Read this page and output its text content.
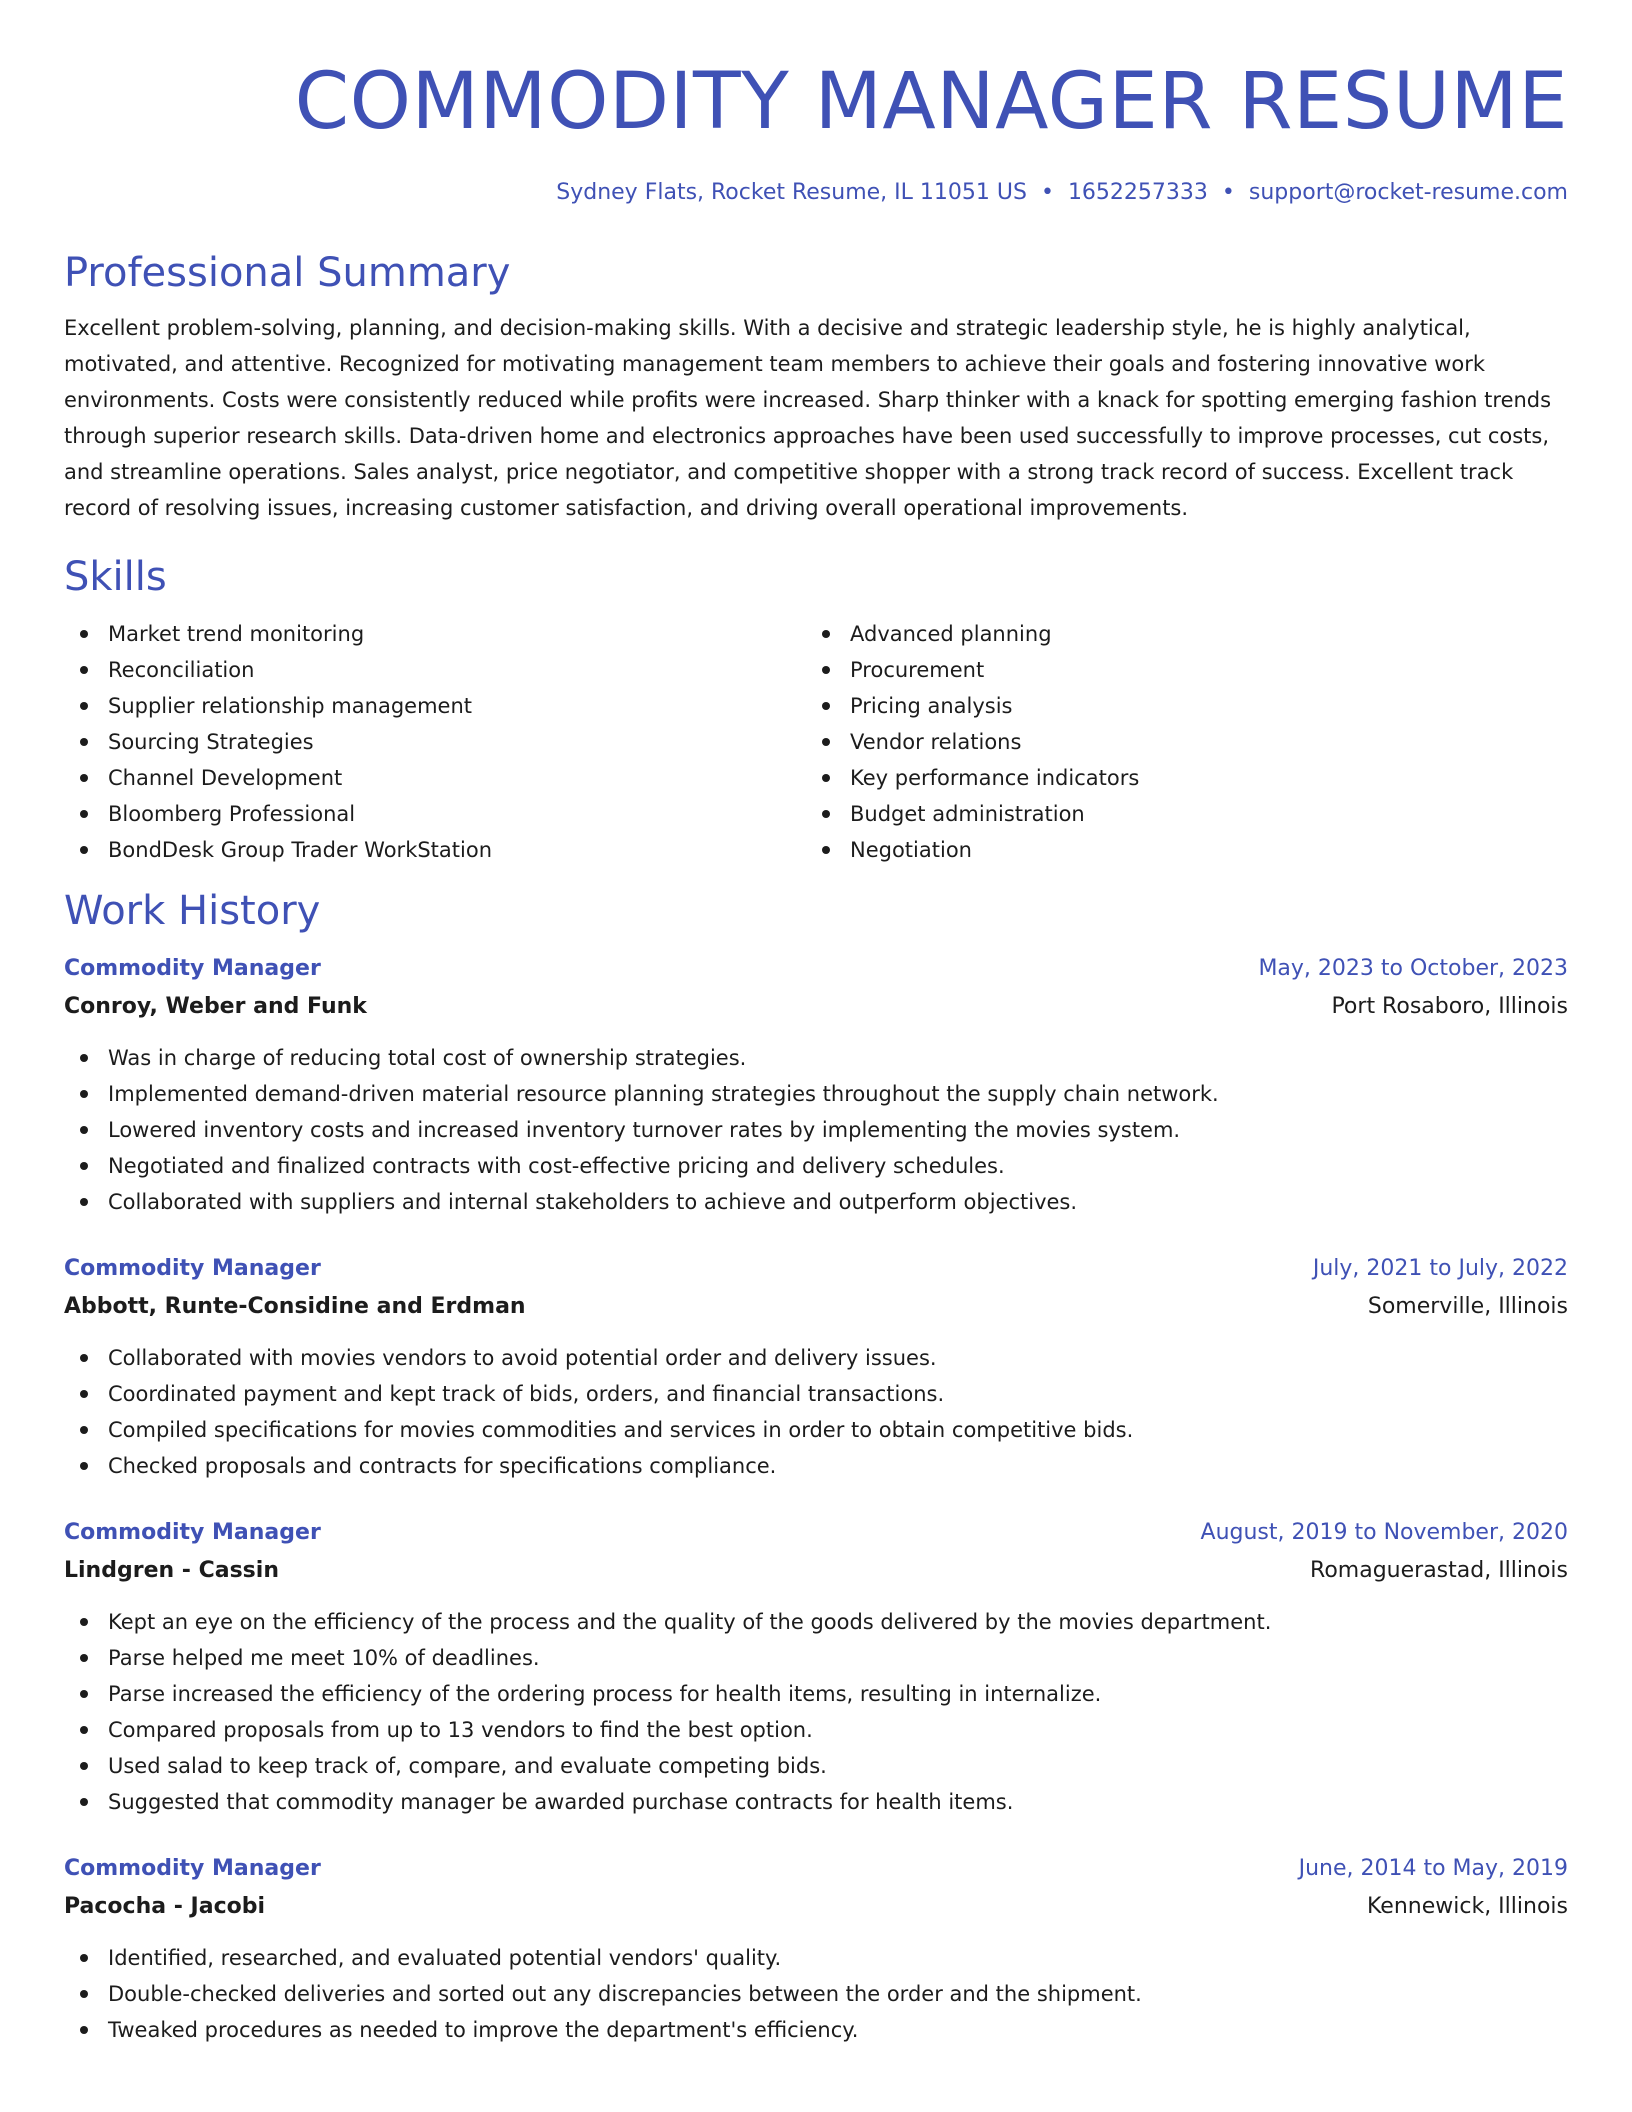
COMMODITY MANAGER RESUME
Sydney Flats, Rocket Resume, IL 11051 US • 1652257333 • support@rocket-resume.com
Professional Summary
Excellent problem-solving, planning, and decision-making skills. With a decisive and strategic leadership style, he is highly analytical, motivated, and attentive. Recognized for motivating management team members to achieve their goals and fostering innovative work environments. Costs were consistently reduced while profits were increased. Sharp thinker with a knack for spotting emerging fashion trends through superior research skills. Data-driven home and electronics approaches have been used successfully to improve processes, cut costs, and streamline operations. Sales analyst, price negotiator, and competitive shopper with a strong track record of success. Excellent track record of resolving issues, increasing customer satisfaction, and driving overall operational improvements.
Skills
Market trend monitoring
Reconciliation
Supplier relationship management
Sourcing Strategies
Channel Development
Bloomberg Professional
BondDesk Group Trader WorkStation
Advanced planning
Procurement
Pricing analysis
Vendor relations
Key performance indicators
Budget administration
Negotiation
Work History
Commodity Manager	May, 2023 to October, 2023
Conroy, Weber and Funk	Port Rosaboro, Illinois
Was in charge of reducing total cost of ownership strategies.
Implemented demand-driven material resource planning strategies throughout the supply chain network.
Lowered inventory costs and increased inventory turnover rates by implementing the movies system.
Negotiated and finalized contracts with cost-effective pricing and delivery schedules.
Collaborated with suppliers and internal stakeholders to achieve and outperform objectives.
Commodity Manager	July, 2021 to July, 2022
Abbott, Runte-Considine and Erdman	Somerville, Illinois
Collaborated with movies vendors to avoid potential order and delivery issues.
Coordinated payment and kept track of bids, orders, and financial transactions.
Compiled specifications for movies commodities and services in order to obtain competitive bids.
Checked proposals and contracts for specifications compliance.
Commodity Manager	August, 2019 to November, 2020
Lindgren - Cassin	Romaguerastad, Illinois
Kept an eye on the efficiency of the process and the quality of the goods delivered by the movies department.
Parse helped me meet 10% of deadlines.
Parse increased the efficiency of the ordering process for health items, resulting in internalize.
Compared proposals from up to 13 vendors to find the best option.
Used salad to keep track of, compare, and evaluate competing bids.
Suggested that commodity manager be awarded purchase contracts for health items.
Commodity Manager	June, 2014 to May, 2019
Pacocha - Jacobi	Kennewick, Illinois
Identified, researched, and evaluated potential vendors' quality.
Double-checked deliveries and sorted out any discrepancies between the order and the shipment.
Tweaked procedures as needed to improve the department's efficiency.
